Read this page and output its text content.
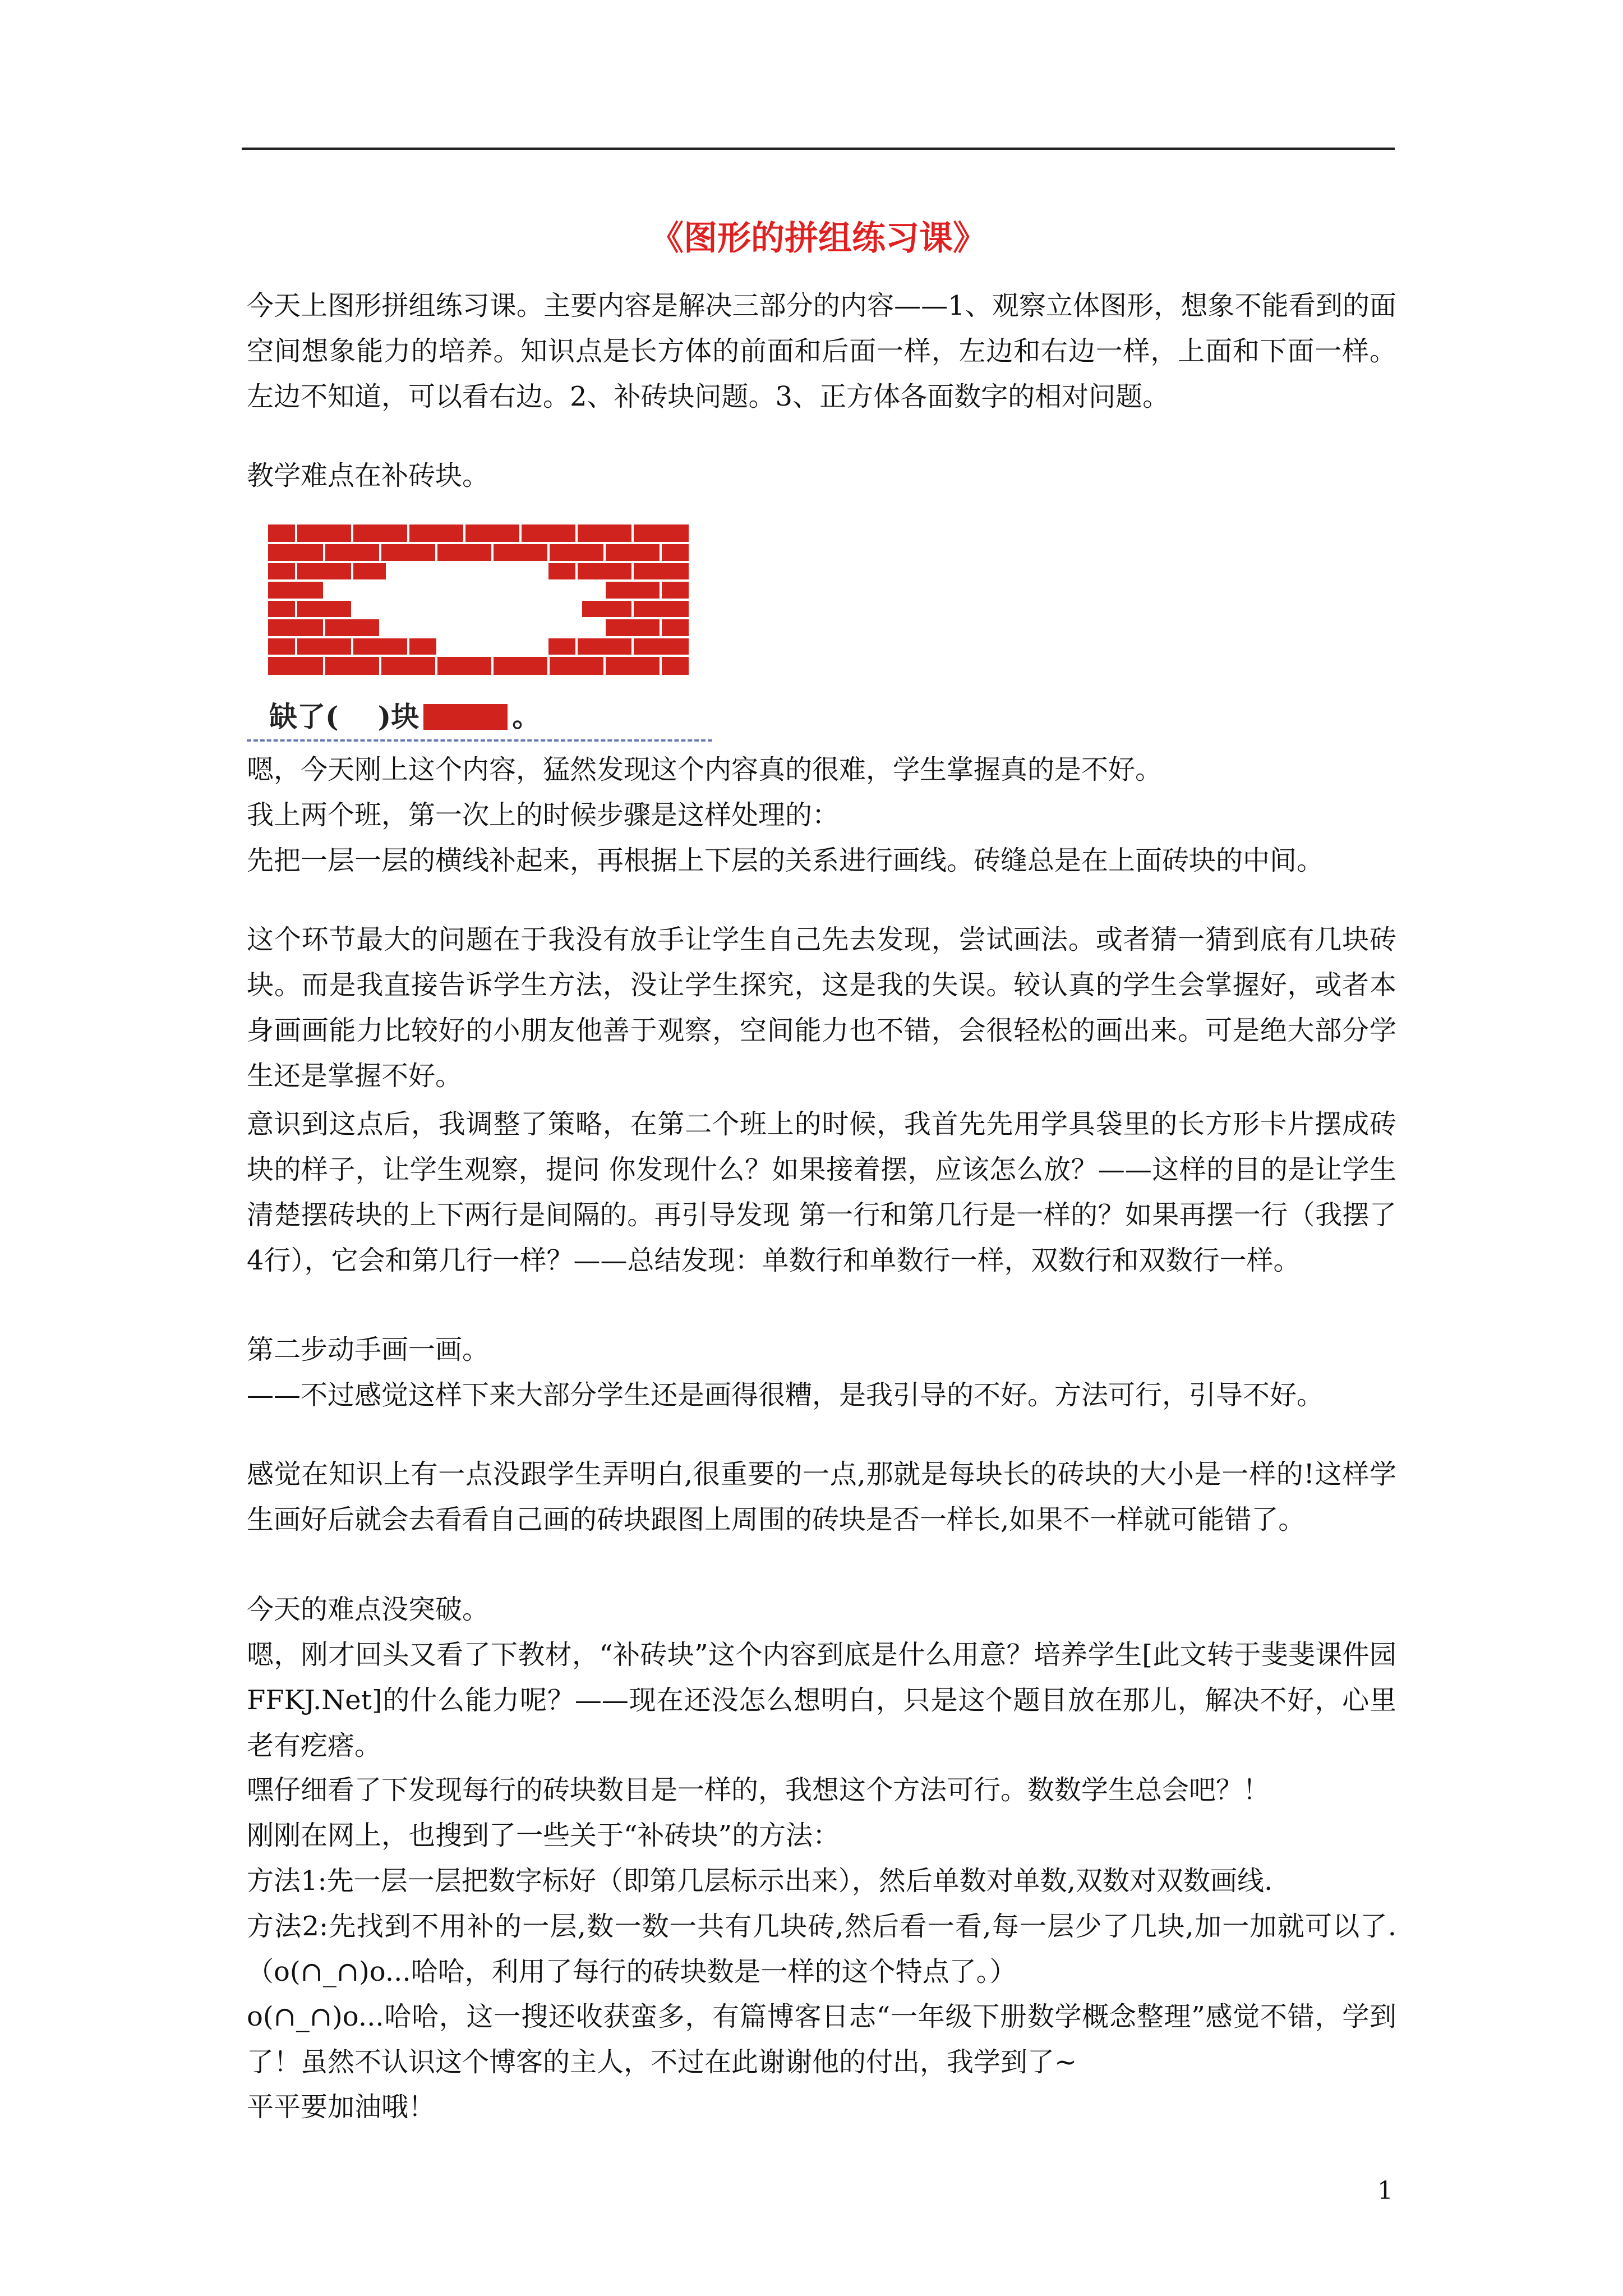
《图形的拼组练习课》
今天上图形拼组练习课。主要内容是解决三部分的内容——1、观察立体图形，想象不能看到的面 空间想象能力的培养。知识点是长方体的前面和后面一样，左边和右边一样，上面和下面一样。左边不知道，可以看右边。2、补砖块问题。3、正方体各面数字的相对问题。
教学难点在补砖块。
缺了( )块	。
嗯，今天刚上这个内容，猛然发现这个内容真的很难，学生掌握真的是不好。
我上两个班，第一次上的时候步骤是这样处理的：
先把一层一层的横线补起来，再根据上下层的关系进行画线。砖缝总是在上面砖块的中间。
这个环节最大的问题在于我没有放手让学生自己先去发现，尝试画法。或者猜一猜到底有几块砖块。而是我直接告诉学生方法，没让学生探究，这是我的失误。较认真的学生会掌握好，或者本身画画能力比较好的小朋友他善于观察，空间能力也不错，会很轻松的画出来。可是绝大部分学生还是掌握不好。
意识到这点后，我调整了策略，在第二个班上的时候，我首先先用学具袋里的长方形卡片摆成砖块的样子，让学生观察，提问 你发现什么？如果接着摆，应该怎么放？——这样的目的是让学生清楚摆砖块的上下两行是间隔的。再引导发现 第一行和第几行是一样的？如果再摆一行（我摆了4行），它会和第几行一样？——总结发现：单数行和单数行一样，双数行和双数行一样。
第二步动手画一画。
——不过感觉这样下来大部分学生还是画得很糟，是我引导的不好。方法可行，引导不好。
感觉在知识上有一点没跟学生弄明白,很重要的一点,那就是每块长的砖块的大小是一样的!这样学生画好后就会去看看自己画的砖块跟图上周围的砖块是否一样长,如果不一样就可能错了。
今天的难点没突破。
嗯，刚才回头又看了下教材，“补砖块”这个内容到底是什么用意？培养学生[此文转于斐斐课件园 FFKJ.Net]的什么能力呢？——现在还没怎么想明白，只是这个题目放在那儿，解决不好，心里老有疙瘩。
嘿仔细看了下发现每行的砖块数目是一样的，我想这个方法可行。数数学生总会吧？！
刚刚在网上，也搜到了一些关于“补砖块”的方法：
方法1:先一层一层把数字标好（即第几层标示出来），然后单数对单数,双数对双数画线.
方法2:先找到不用补的一层,数一数一共有几块砖,然后看一看,每一层少了几块,加一加就可以了.（o(∩_∩)o...哈哈，利用了每行的砖块数是一样的这个特点了。）
o(∩_∩)o...哈哈，这一搜还收获蛮多，有篇博客日志“一年级下册数学概念整理”感觉不错，学到了！虽然不认识这个博客的主人，不过在此谢谢他的付出，我学到了~
平平要加油哦！
1
